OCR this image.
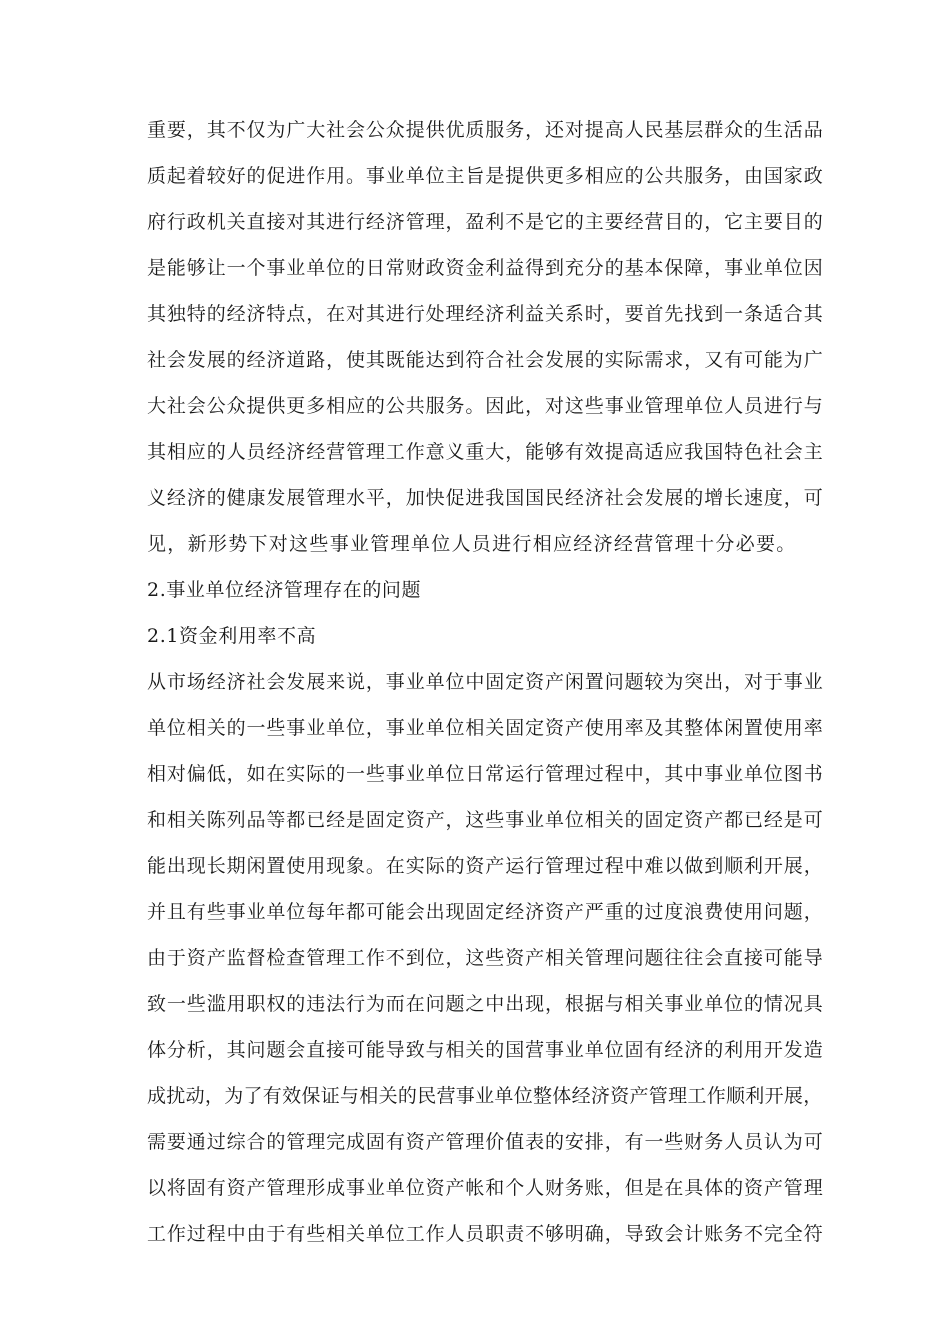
重要，其不仅为广大社会公众提供优质服务，还对提高人民基层群众的生活品
质起着较好的促进作用。事业单位主旨是提供更多相应的公共服务，由国家政
府行政机关直接对其进行经济管理，盈利不是它的主要经营目的，它主要目的
是能够让一个事业单位的日常财政资金利益得到充分的基本保障，事业单位因
其独特的经济特点，在对其进行处理经济利益关系时，要首先找到一条适合其
社会发展的经济道路，使其既能达到符合社会发展的实际需求，又有可能为广
大社会公众提供更多相应的公共服务。因此，对这些事业管理单位人员进行与
其相应的人员经济经营管理工作意义重大，能够有效提高适应我国特色社会主
义经济的健康发展管理水平，加快促进我国国民经济社会发展的增长速度，可
见，新形势下对这些事业管理单位人员进行相应经济经营管理十分必要。
2.事业单位经济管理存在的问题
2.1资金利用率不高
从市场经济社会发展来说，事业单位中固定资产闲置问题较为突出，对于事业
单位相关的一些事业单位，事业单位相关固定资产使用率及其整体闲置使用率
相对偏低，如在实际的一些事业单位日常运行管理过程中，其中事业单位图书
和相关陈列品等都已经是固定资产，这些事业单位相关的固定资产都已经是可
能出现长期闲置使用现象。在实际的资产运行管理过程中难以做到顺利开展，
并且有些事业单位每年都可能会出现固定经济资产严重的过度浪费使用问题，
由于资产监督检查管理工作不到位，这些资产相关管理问题往往会直接可能导
致一些滥用职权的违法行为而在问题之中出现，根据与相关事业单位的情况具
体分析，其问题会直接可能导致与相关的国营事业单位固有经济的利用开发造
成扰动，为了有效保证与相关的民营事业单位整体经济资产管理工作顺利开展，
需要通过综合的管理完成固有资产管理价值表的安排，有一些财务人员认为可
以将固有资产管理形成事业单位资产帐和个人财务账，但是在具体的资产管理
工作过程中由于有些相关单位工作人员职责不够明确，导致会计账务不完全符
